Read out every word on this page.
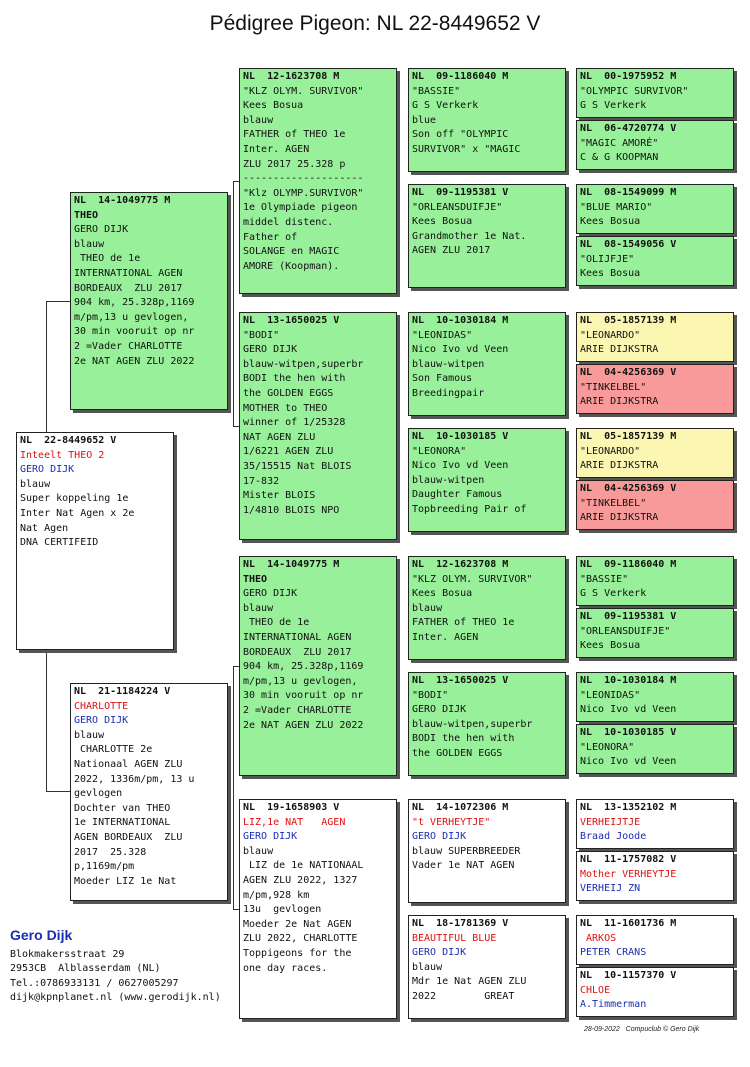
Pédigree Pigeon: NL 22-8449652 V
NL  22-8449652 V
Inteelt THEO 2
GERO DIJK
blauw
Super koppeling 1e
Inter Nat Agen x 2e
Nat Agen
DNA CERTIFEID
NL  14-1049775 M
THEO
GERO DIJK
blauw
THEO de 1e
INTERNATIONAL AGEN
BORDEAUX  ZLU 2017
904 km, 25.328p,1169
m/pm,13 u gevlogen,
30 min vooruit op nr
2 =Vader CHARLOTTE
2e NAT AGEN ZLU 2022
NL  21-1184224 V
CHARLOTTE
GERO DIJK
blauw
CHARLOTTE 2e
Nationaal AGEN ZLU
2022, 1336m/pm, 13 u
gevlogen
Dochter van THEO
1e INTERNATIONAL
AGEN BORDEAUX  ZLU
2017  25.328
p,1169m/pm
Moeder LIZ 1e Nat
NL  12-1623708 M
"KLZ OLYM. SURVIVOR"
Kees Bosua
blauw
FATHER of THEO 1e
Inter. AGEN
ZLU 2017 25.328 p
--------------------
"Klz OLYMP.SURVIVOR"
1e Olympiade pigeon
middel distenc.
Father of
SOLANGE en MAGIC
AMORE (Koopman).
NL  13-1650025 V
"BODI"
GERO DIJK
blauw-witpen,superbr
BODI the hen with
the GOLDEN EGGS
MOTHER to THEO
winner of 1/25328
NAT AGEN ZLU
1/6221 AGEN ZLU
35/15515 Nat BLOIS
17-832
Mister BLOIS
1/4810 BLOIS NPO
NL  14-1049775 M
THEO
GERO DIJK
blauw
THEO de 1e
INTERNATIONAL AGEN
BORDEAUX  ZLU 2017
904 km, 25.328p,1169
m/pm,13 u gevlogen,
30 min vooruit op nr
2 =Vader CHARLOTTE
2e NAT AGEN ZLU 2022
NL  19-1658903 V
LIZ,1e NAT   AGEN
GERO DIJK
blauw
LIZ de 1e NATIONAAL
AGEN ZLU 2022, 1327
m/pm,928 km
13u  gevlogen
Moeder 2e Nat AGEN
ZLU 2022, CHARLOTTE
Toppigeons for the
one day races.
NL  09-1186040 M
"BASSIE"
G S Verkerk
blue
Son off "OLYMPIC
SURVIVOR" x "MAGIC
NL  09-1195381 V
"ORLEANSDUIFJE"
Kees Bosua
Grandmother 1e Nat.
AGEN ZLU 2017
NL  10-1030184 M
"LEONIDAS"
Nico Ivo vd Veen
blauw-witpen
Son Famous
Breedingpair
NL  10-1030185 V
"LEONORA"
Nico Ivo vd Veen
blauw-witpen
Daughter Famous
Topbreeding Pair of
NL  12-1623708 M
"KLZ OLYM. SURVIVOR"
Kees Bosua
blauw
FATHER of THEO 1e
Inter. AGEN
NL  13-1650025 V
"BODI"
GERO DIJK
blauw-witpen,superbr
BODI the hen with
the GOLDEN EGGS
NL  14-1072306 M
"t VERHEYTJE"
GERO DIJK
blauw SUPERBREEDER
Vader 1e NAT AGEN
NL  18-1781369 V
BEAUTIFUL BLUE
GERO DIJK
blauw
Mdr 1e Nat AGEN ZLU
2022        GREAT
NL  00-1975952 M
"OLYMPIC SURVIVOR"
G S Verkerk
NL  06-4720774 V
"MAGIC AMORÉ"
C & G KOOPMAN
NL  08-1549099 M
"BLUE MARIO"
Kees Bosua
NL  08-1549056 V
"OLIJFJE"
Kees Bosua
NL  05-1857139 M
"LEONARDO"
ARIE DIJKSTRA
NL  04-4256369 V
"TINKELBEL"
ARIE DIJKSTRA
NL  05-1857139 M
"LEONARDO"
ARIE DIJKSTRA
NL  04-4256369 V
"TINKELBEL"
ARIE DIJKSTRA
NL  09-1186040 M
"BASSIE"
G S Verkerk
NL  09-1195381 V
"ORLEANSDUIFJE"
Kees Bosua
NL  10-1030184 M
"LEONIDAS"
Nico Ivo vd Veen
NL  10-1030185 V
"LEONORA"
Nico Ivo vd Veen
NL  13-1352102 M
VERHEIJTJE
Braad Joode
NL  11-1757082 V
Mother VERHEYTJE
VERHEIJ ZN
NL  11-1601736 M
ARKOS
PETER CRANS
NL  10-1157370 V
CHLOE
A.Timmerman
Gero Dijk
Blokmakersstraat 29
2953CB  Alblasserdam (NL)
Tel.:0786933131 / 0627005297
dijk@kpnplanet.nl (www.gerodijk.nl)
28-09-2022   Compuclub © Gero Dijk
